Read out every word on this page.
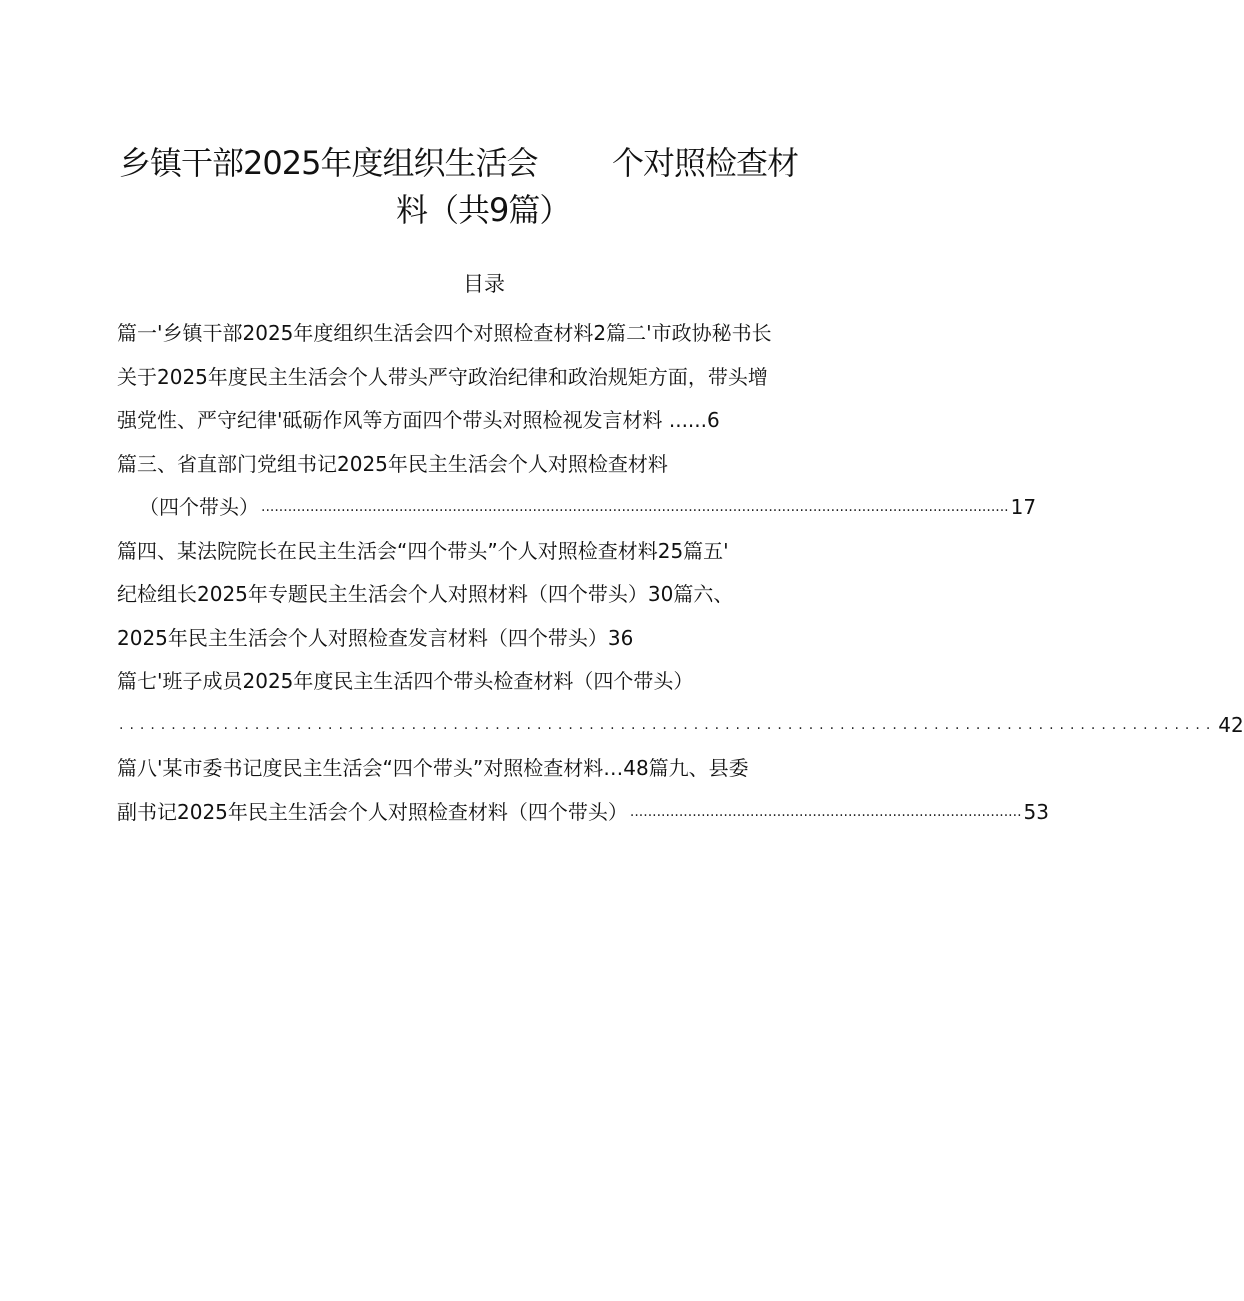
乡镇干部2025年度组织生活会 个对照检查材
料（共9篇）
目录
篇一'乡镇干部2025年度组织生活会四个对照检查材料2篇二'市政协秘书长
关于2025年度民主生活会个人带头严守政治纪律和政治规矩方面，带头增
强党性、严守纪律'砥砺作风等方面四个带头对照检视发言材料 ......6
篇三、省直部门党组书记2025年民主生活会个人对照检查材料
（四个带头） ........................................................................................................................................................................ 17
篇四、某法院院长在民主生活会“四个带头”个人对照检查材料25篇五'
纪检组长2025年专题民主生活会个人对照材料（四个带头）30篇六、
2025年民主生活会个人对照检查发言材料（四个带头）36
篇七'班子成员2025年度民主生活四个带头检查材料（四个带头）
......................................................................................................... 42
篇八'某市委书记度民主生活会“四个带头”对照检查材料…48篇九、县委
副书记2025年民主生活会个人对照检查材料（四个带头） ........................................................................................ 53
